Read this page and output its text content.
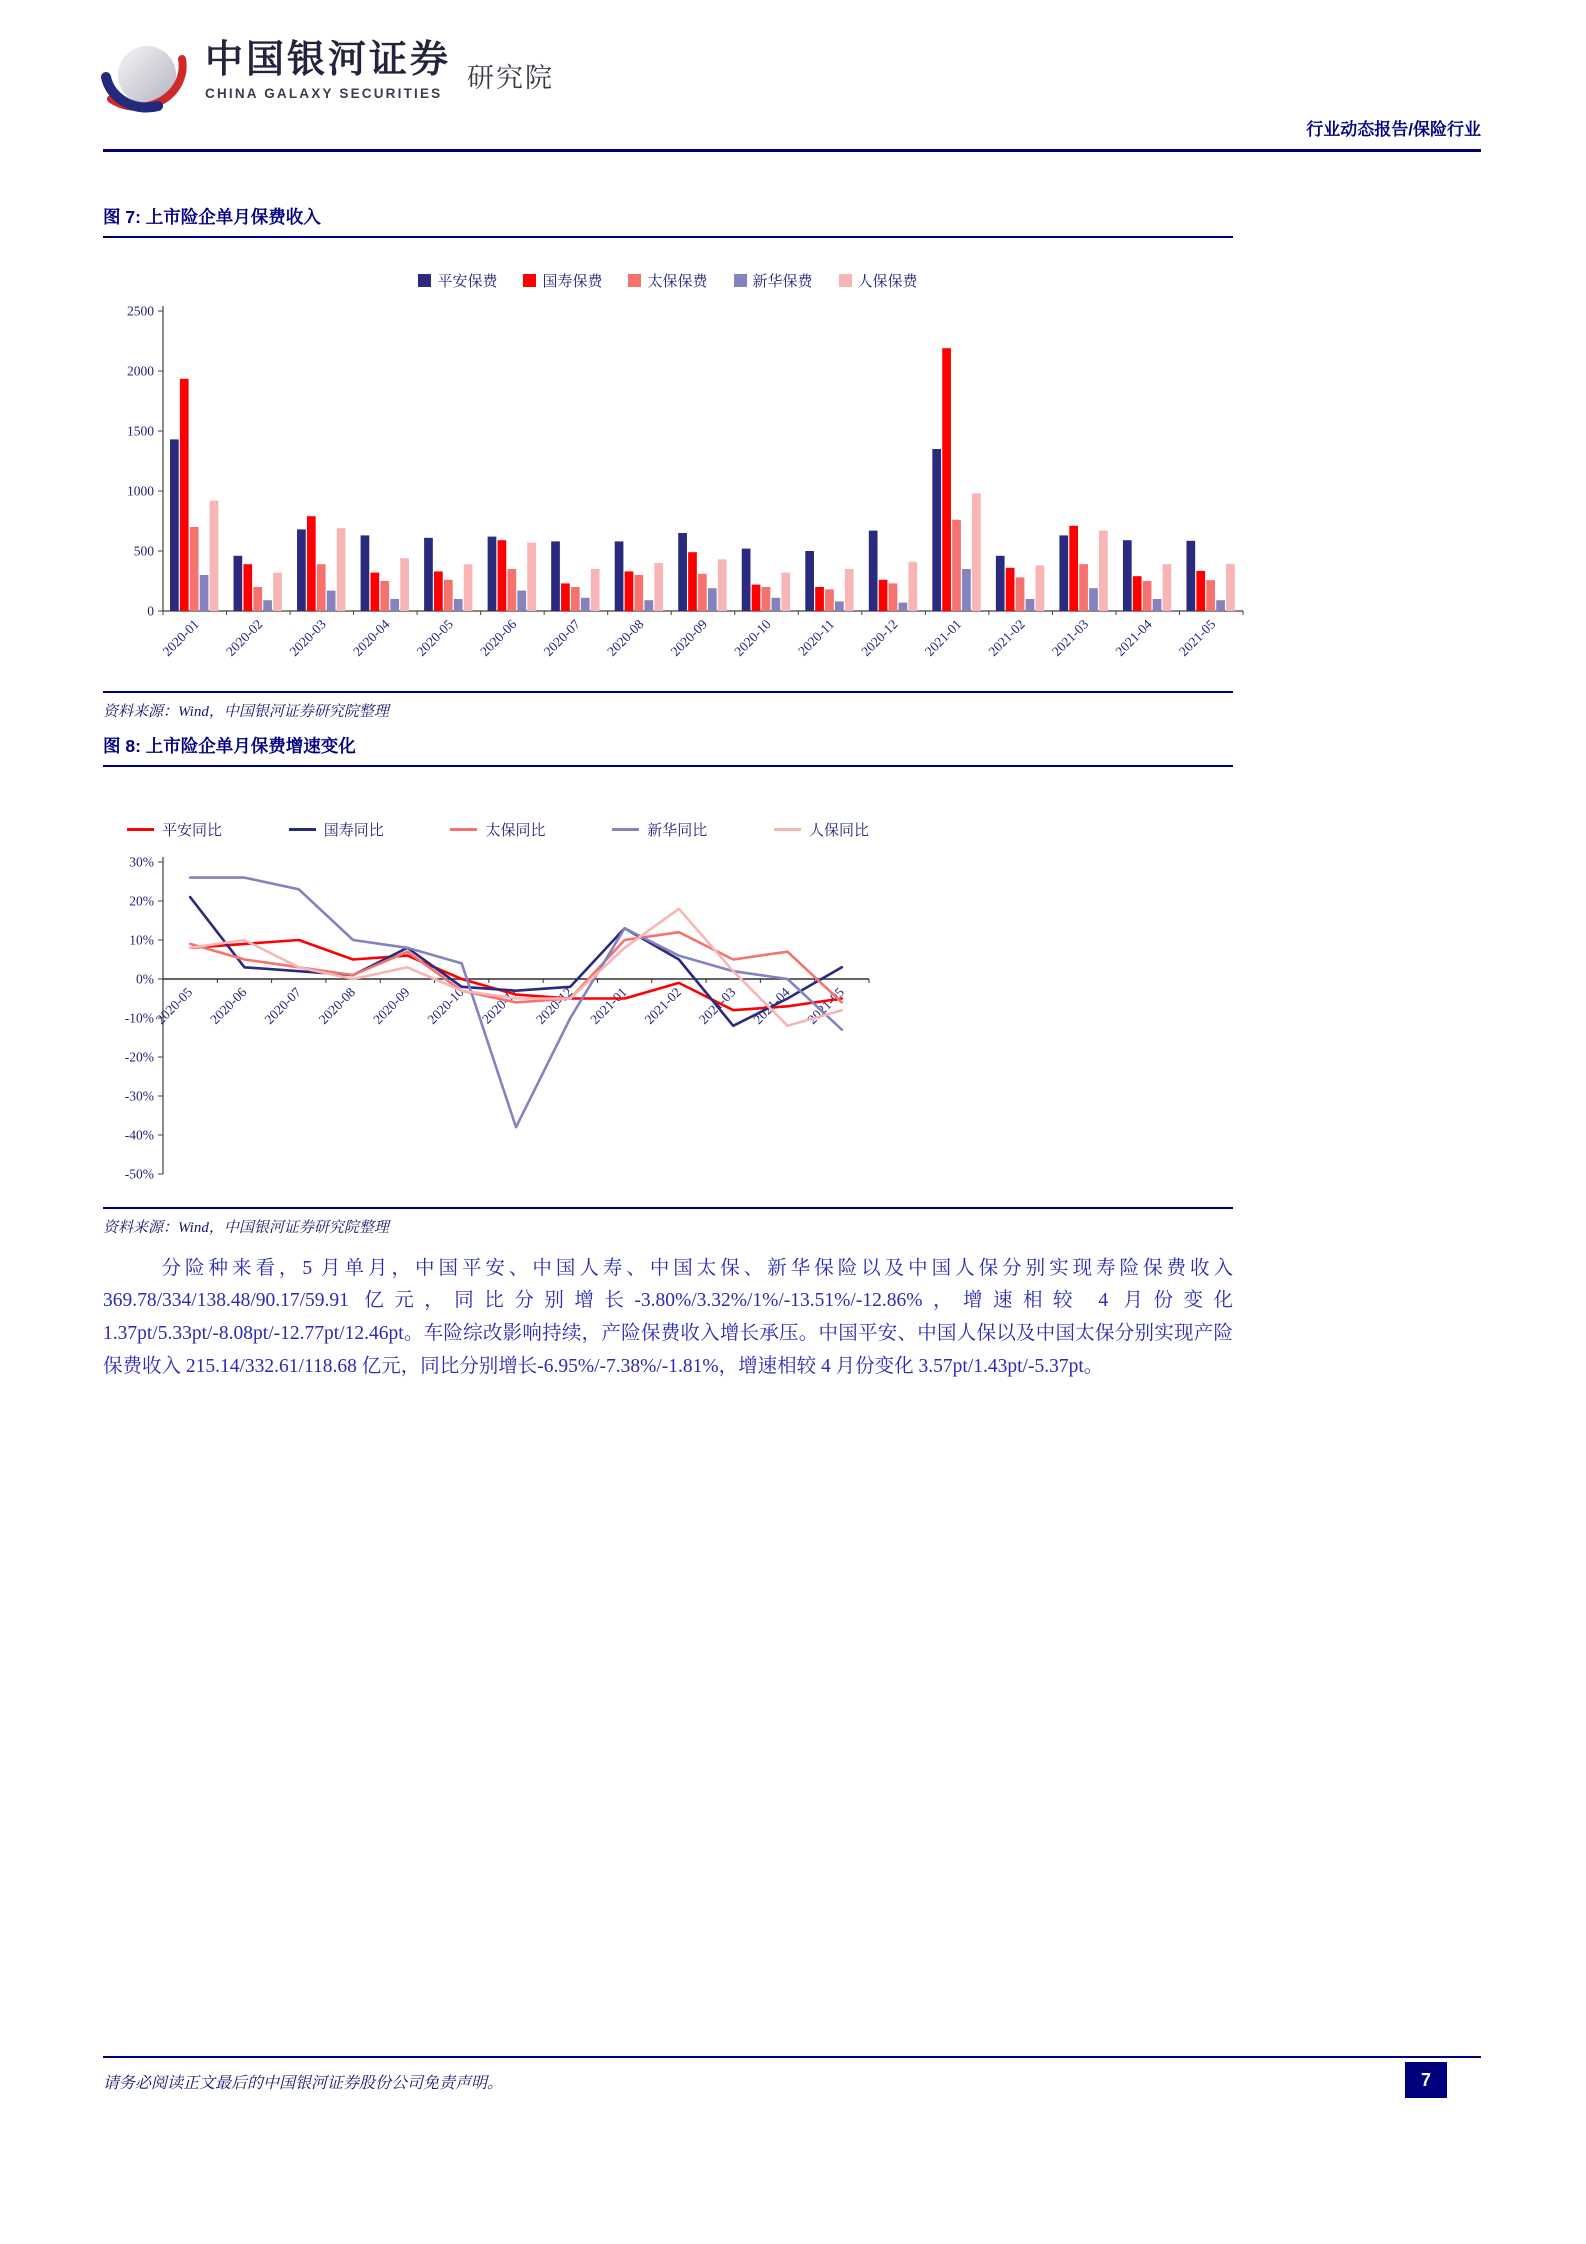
中国银河证券
CHINA GALAXY SECURITIES
研究院
行业动态报告/保险行业
图 7: 上市险企单月保费收入
平安保费	国寿保费	太保保费	新华保费	人保保费
0
500
1000
1500
2000
2500
2020-01 2020-02 2020-03 2020-04 2020-05 2020-06 2020-07 2020-08 2020-09 2020-10 2020-11 2020-12 2021-01 2021-02 2021-03 2021-04 2021-05
资料来源：Wind，中国银河证券研究院整理
图 8: 上市险企单月保费增速变化
平安同比	国寿同比	太保同比	新华同比	人保同比
30%
20%
10%
0%
-10%
-20%
-30%
-40%
-50%
2020-05 2020-06 2020-07 2020-08 2020-09 2020-10 2020-11 2020-12 2021-01 2021-02 2021-03 2021-04 2021-05
资料来源：Wind，中国银河证券研究院整理

分险种来看，5 月单月，中国平安、中国人寿、中国太保、新华保险以及中国人保分别实现寿险保费收入 369.78/334/138.48/90.17/59.91 亿元，同比分别增长-3.80%/3.32%/1%/-13.51%/-12.86%，增速相较 4 月份变化 1.37pt/5.33pt/-8.08pt/-12.77pt/12.46pt。车险综改影响持续，产险保费收入增长承压。中国平安、中国人保以及中国太保分别实现产险保费收入 215.14/332.61/118.68 亿元，同比分别增长-6.95%/-7.38%/-1.81%，增速相较 4 月份变化 3.57pt/1.43pt/-5.37pt。

请务必阅读正文最后的中国银河证券股份公司免责声明。	7
